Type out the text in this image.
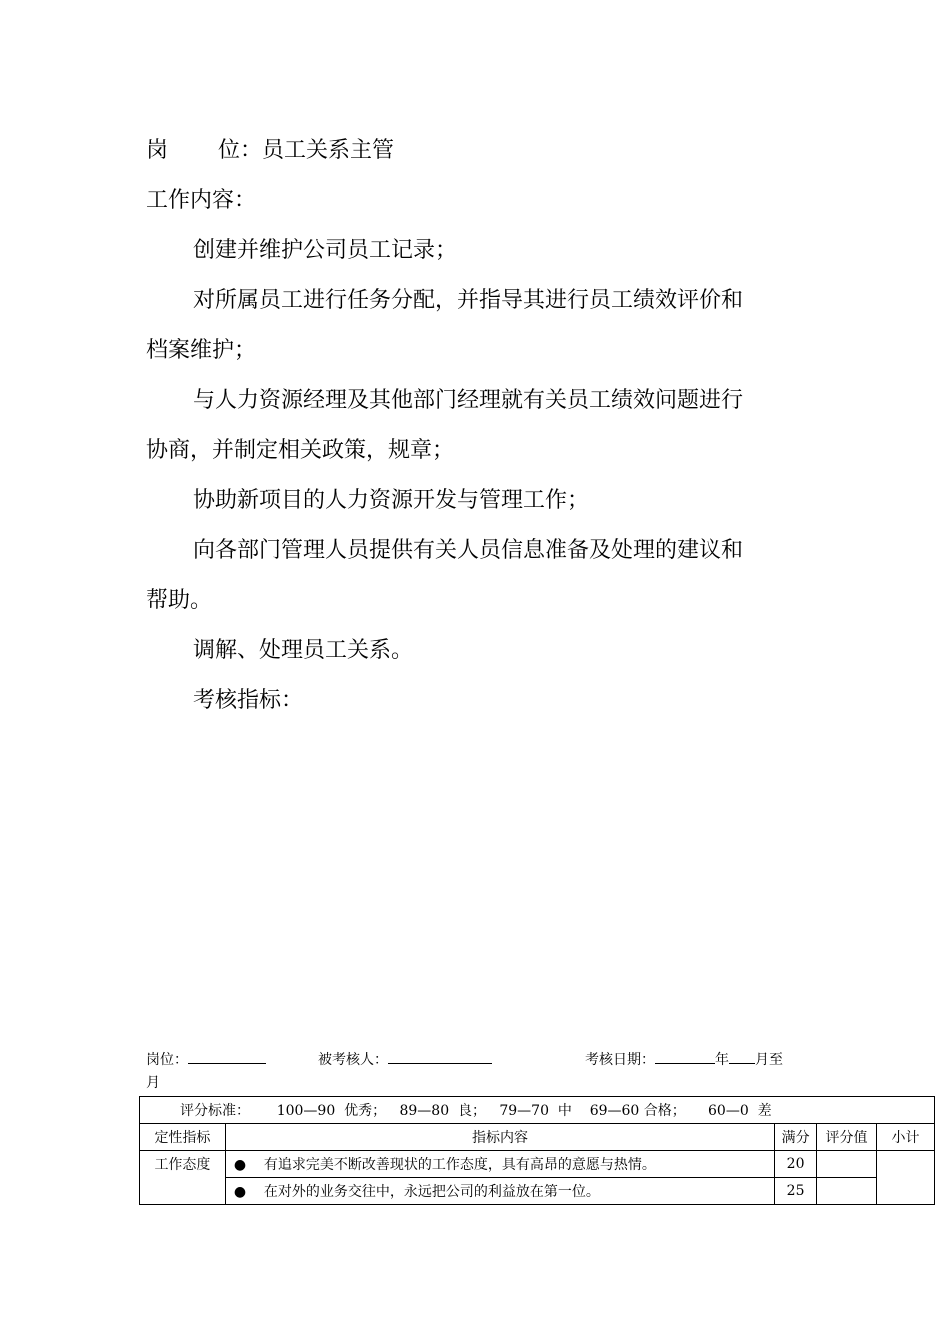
岗 位：员工关系主管
工作内容：
创建并维护公司员工记录；
对所属员工进行任务分配，并指导其进行员工绩效评价和
档案维护；
与人力资源经理及其他部门经理就有关员工绩效问题进行
协商，并制定相关政策，规章；
协助新项目的人力资源开发与管理工作；
向各部门管理人员提供有关人员信息准备及处理的建议和
帮助。
调解、处理员工关系。
考核指标：
岗位：	被考核人：	考核日期：	年 月至
月
评分标准：      100—90  优秀；   89—80  良；   79—70  中    69—60 合格；     60—0  差				
定性指标	指标内容	满分	评分值	小计
工作态度	● 有追求完美不断改善现状的工作态度，具有高昂的意愿与热情。	20		
	● 在对外的业务交往中，永远把公司的利益放在第一位。	25		
